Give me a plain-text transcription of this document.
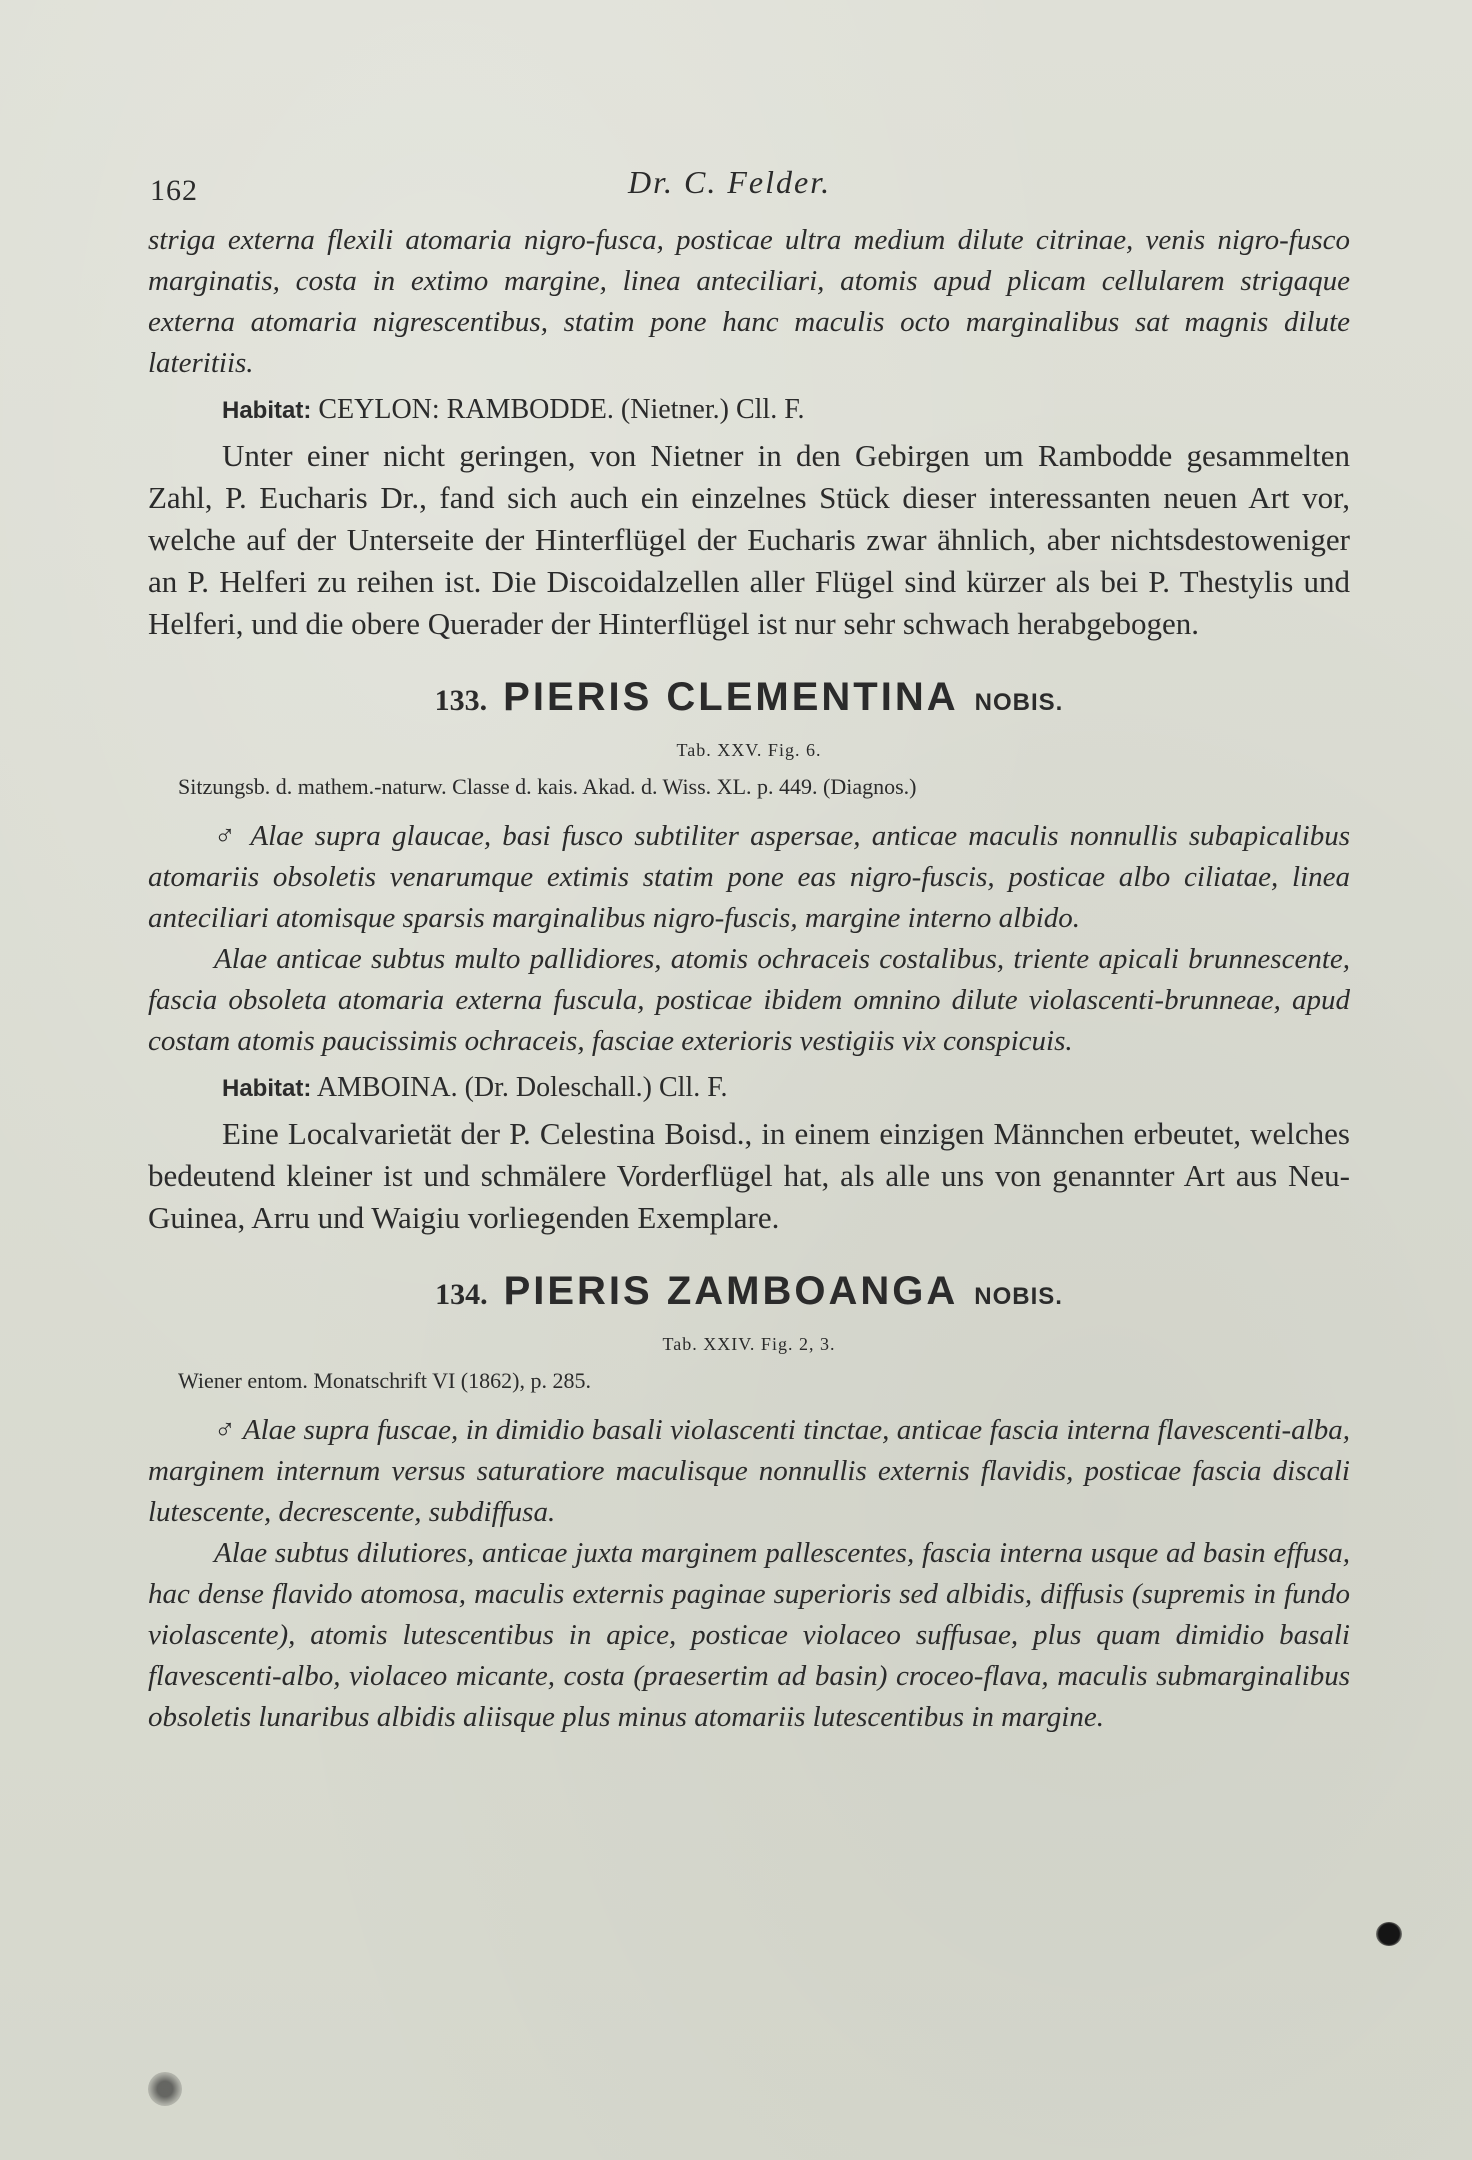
162	Dr. C. Felder.

striga externa flexili atomaria nigro-fusca, posticae ultra medium dilute citrinae, venis nigro-fusco marginatis, costa in extimo margine, linea anteciliari, atomis apud plicam cellularem strigaque externa atomaria nigrescentibus, statim pone hanc maculis octo marginalibus sat magnis dilute lateritiis.

Habitat: CEYLON: RAMBODDE. (Nietner.) Cll. F.

Unter einer nicht geringen, von Nietner in den Gebirgen um Rambodde gesammelten Zahl, P. Eucharis Dr., fand sich auch ein einzelnes Stück dieser interessanten neuen Art vor, welche auf der Unterseite der Hinterflügel der Eucharis zwar ähnlich, aber nichtsdestoweniger an P. Helferi zu reihen ist. Die Discoidalzellen aller Flügel sind kürzer als bei P. Thestylis und Helferi, und die obere Querader der Hinterflügel ist nur sehr schwach herabgebogen.

133. PIERIS CLEMENTINA NOBIS.
Tab. XXV. Fig. 6.
Sitzungsb. d. mathem.-naturw. Classe d. kais. Akad. d. Wiss. XL. p. 449. (Diagnos.)

♂ Alae supra glaucae, basi fusco subtiliter aspersae, anticae maculis nonnullis subapicalibus atomariis obsoletis venarumque extimis statim pone eas nigro-fuscis, posticae albo ciliatae, linea anteciliari atomisque sparsis marginalibus nigro-fuscis, margine interno albido.

Alae anticae subtus multo pallidiores, atomis ochraceis costalibus, triente apicali brunnescente, fascia obsoleta atomaria externa fuscula, posticae ibidem omnino dilute violascenti-brunneae, apud costam atomis paucissimis ochraceis, fasciae exterioris vestigiis vix conspicuis.

Habitat: AMBOINA. (Dr. Doleschall.) Cll. F.

Eine Localvarietät der P. Celestina Boisd., in einem einzigen Männchen erbeutet, welches bedeutend kleiner ist und schmälere Vorderflügel hat, als alle uns von genannter Art aus Neu-Guinea, Arru und Waigiu vorliegenden Exemplare.

134. PIERIS ZAMBOANGA NOBIS.
Tab. XXIV. Fig. 2, 3.
Wiener entom. Monatschrift VI (1862), p. 285.

♂ Alae supra fuscae, in dimidio basali violascenti tinctae, anticae fascia interna flavescenti-alba, marginem internum versus saturatiore maculisque nonnullis externis flavidis, posticae fascia discali lutescente, decrescente, subdiffusa.

Alae subtus dilutiores, anticae juxta marginem pallescentes, fascia interna usque ad basin effusa, hac dense flavido atomosa, maculis externis paginae superioris sed albidis, diffusis (supremis in fundo violascente), atomis lutescentibus in apice, posticae violaceo suffusae, plus quam dimidio basali flavescenti-albo, violaceo micante, costa (praesertim ad basin) croceo-flava, maculis submarginalibus obsoletis lunaribus albidis aliisque plus minus atomariis lutescentibus in margine.
